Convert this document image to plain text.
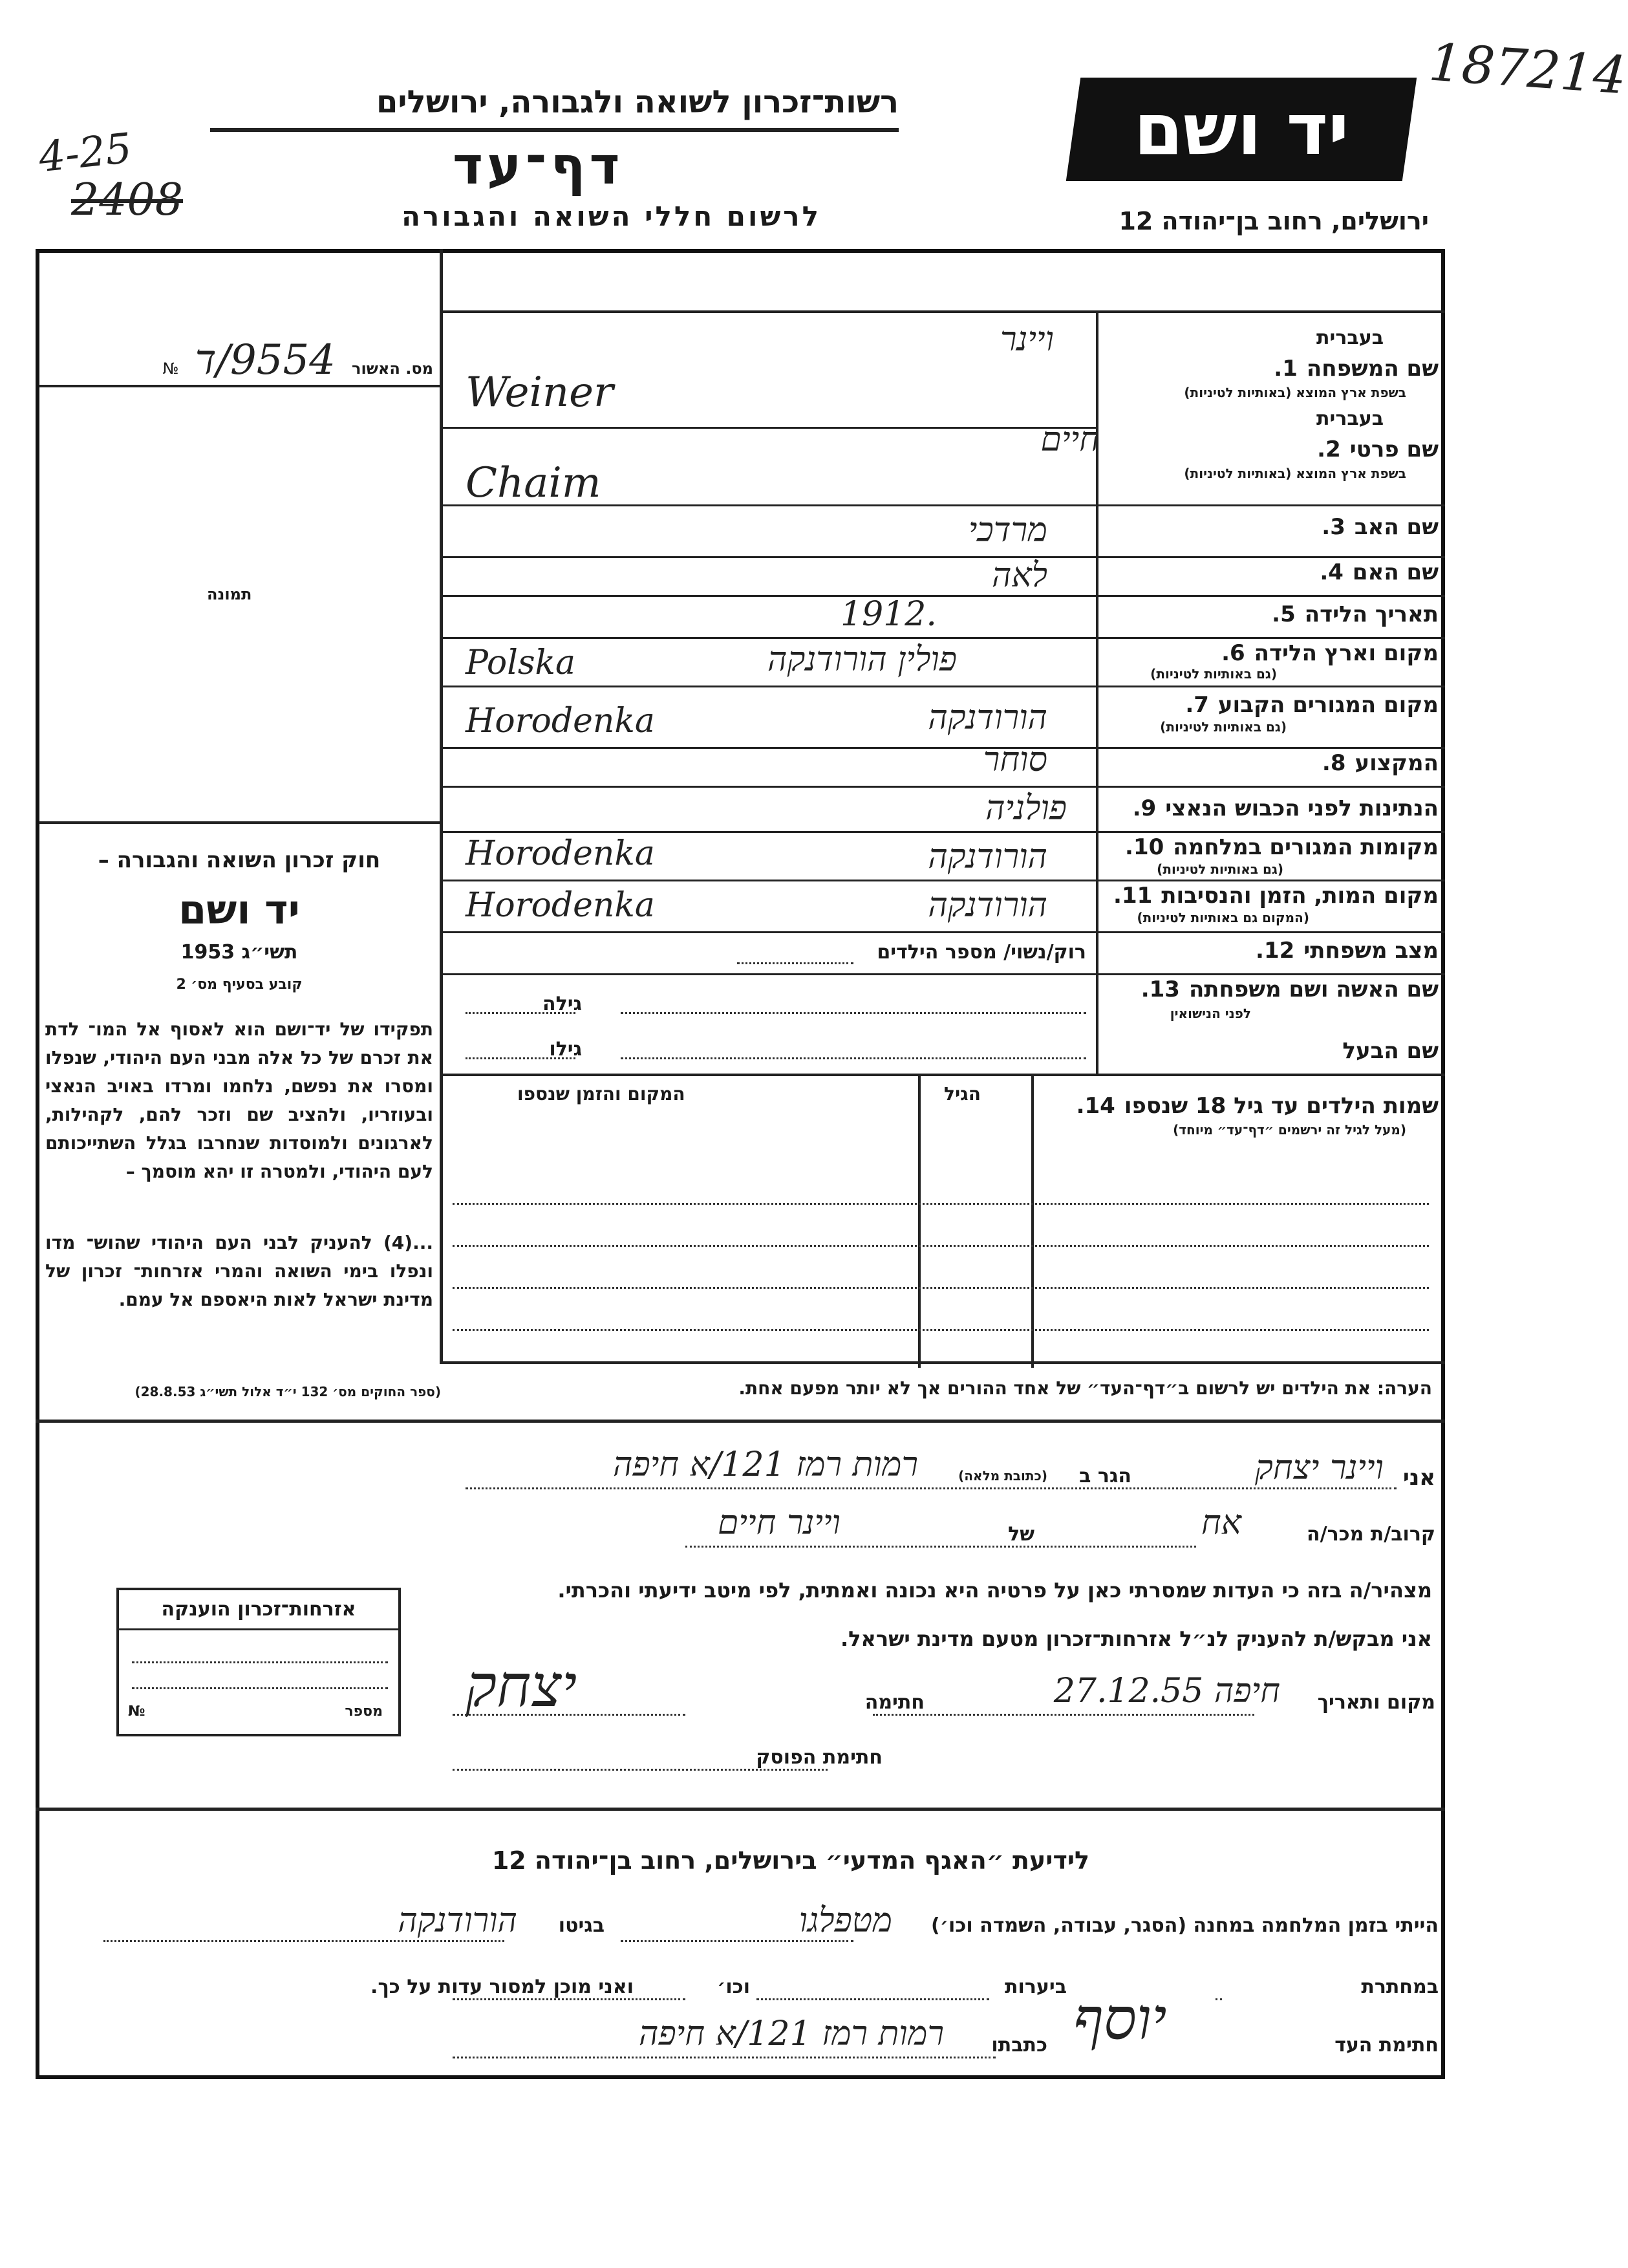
187214
4-25
2408
רשות־זכרון לשואה ולגבורה, ירושלים
דף־עד
לרשום חללי השואה והגבורה
יד ושם
ירושלים, רחוב בן־יהודה 12
מס. האשור 9554/ד №
תמונה
חוק זכרון השואה והגבורה –
יד ושם
תשי״ג 1953
קובע בסעיף מס׳ 2
תפקידו של יד־ושם הוא לאסוף אל המו־ לדת את זכרם של כל אלה מבני העם היהודי, שנפלו ומסרו את נפשם, נלחמו ומרדו באויב הנאצי ובעוזריו, ולהציב שם וזכר להם, לקהילות, לארגונים ולמוסדות שנחרבו בגלל השתייכותם לעם היהודי, ולמטרה זו יהא מוסמך –
...(4) להעניק לבני העם היהודי שהוש־ מדו ונפלו בימי השואה והמרי אזרחות־ זכרון של מדינת ישראל לאות היאספם אל עמם.
(ספר החוקים מס׳ 132 י״ד אלול תשי״ג 28.8.53)
בעברית
שם המשפחה1.
בשפת ארץ המוצא (באותיות לטיניות)
ויינר
Weiner
בעברית
שם פרטי2.
בשפת ארץ המוצא (באותיות לטיניות)
חיים
Chaim
שם האב3.
מרדכי
שם האם4.
לאה
תאריך הלידה5.
1912.
מקום וארץ הלידה6.
(גם באותיות לטיניות)
פולין הורודנקה
Polska
מקום המגורים הקבוע7.
(גם באותיות לטיניות)
הורודנקה
Horodenka
המקצוע8.
סוחר
הנתינות לפני הכבוש הנאצי9.
פולניה
מקומות המגורים במלחמה10.
(גם באותיות לטיניות)
הורודנקה
Horodenka
מקום המות, הזמן והנסיבות11.
(המקום גם באותיות לטיניות)
הורודנקה
Horodenka
מצב משפחתי12.
רוק/נשוי/ מספר הילדים
שם האשה ושם משפחתה13.
לפני הנישואין
גילה
שם הבעל
גילו
שמות הילדים עד גיל 18 שנספו14.
(מעל לגיל זה ירשמים ״דף־עד״ מיוחד)
הגיל
המקום והזמן שנספו
הערה: את הילדים יש לרשום ב״דף־העד״ של אחד ההורים אך לא יותר מפעם אחת.
אני
ויינר יצחק
הגר ב
(כתובת מלאה)
רמות רמז 121/א חיפה
קרוב/ת מכר/ה
אח
של
ויינר חיים
מצהיר/ה בזה כי העדות שמסרתי כאן על פרטיה היא נכונה ואמתית, לפי מיטב ידיעתי והכרתי.
אני מבקש/ת להעניק לנ״ל אזרחות־זכרון מטעם מדינת ישראל.
מקום ותאריך
חיפה 27.12.55
חתימה
יצחק
חתימת הפוסק
אזרחות־זכרון הוענקה
מספר
№
לידיעת ״האגף המדעי״ בירושלים, רחוב בן־יהודה 12
הייתי בזמן המלחמה במחנה (הסגר, עבודה, השמדה וכו׳)
מטפלגו
בגיטו
הורודנקה
במחתרת
ביערות
וכו׳
ואני מוכן למסור עדות על כך.
חתימת העד
יוסף
כתבתו
רמות רמז 121/א חיפה
